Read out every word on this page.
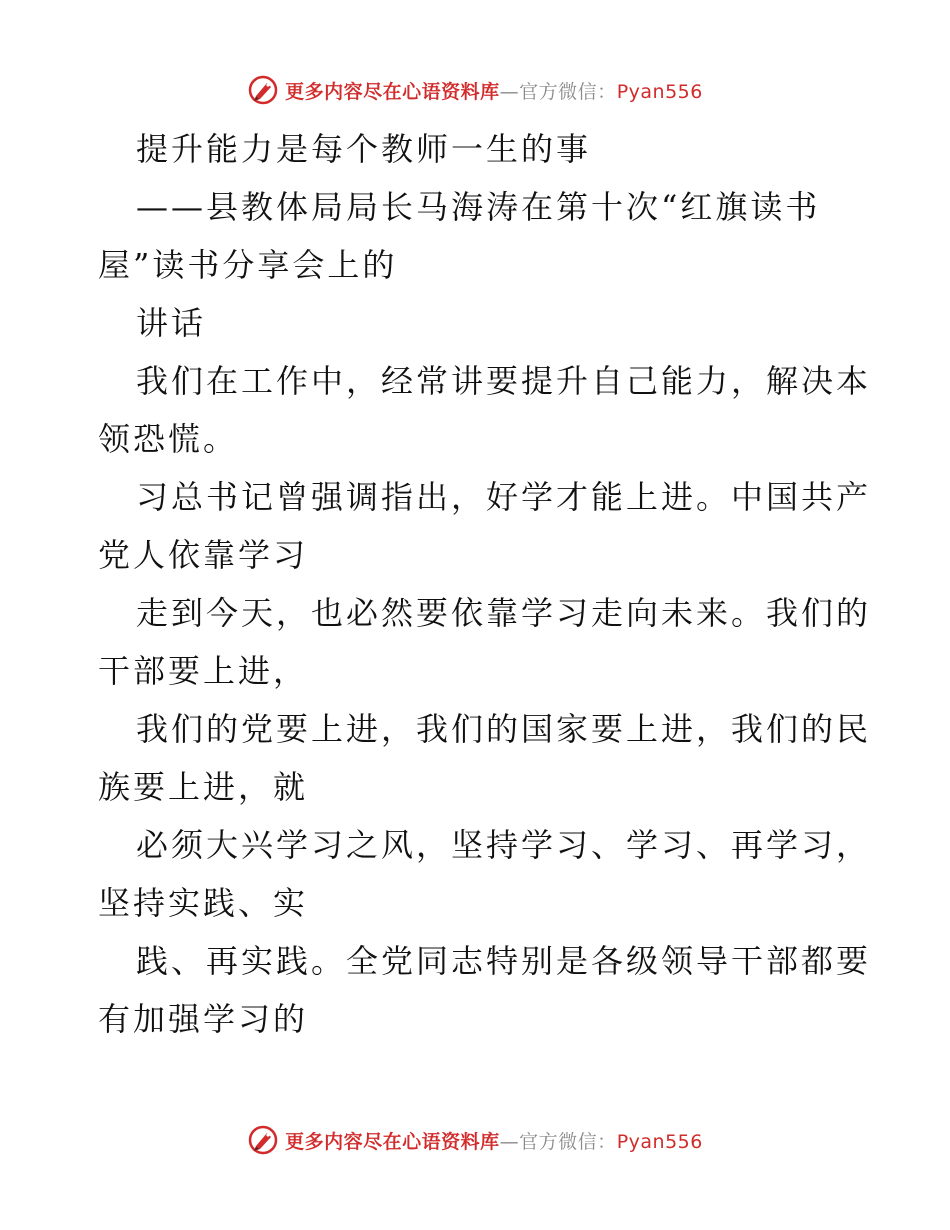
更多内容尽在心语资料库—官方微信：Pyan556
提升能力是每个教师一生的事
——县教体局局长马海涛在第十次“红旗读书
屋”读书分享会上的
讲话
我们在工作中，经常讲要提升自己能力，解决本
领恐慌。
习总书记曾强调指出，好学才能上进。中国共产
党人依靠学习
走到今天，也必然要依靠学习走向未来。我们的
干部要上进，
我们的党要上进，我们的国家要上进，我们的民
族要上进，就
必须大兴学习之风，坚持学习、学习、再学习，
坚持实践、实
践、再实践。全党同志特别是各级领导干部都要
有加强学习的
更多内容尽在心语资料库—官方微信：Pyan556
